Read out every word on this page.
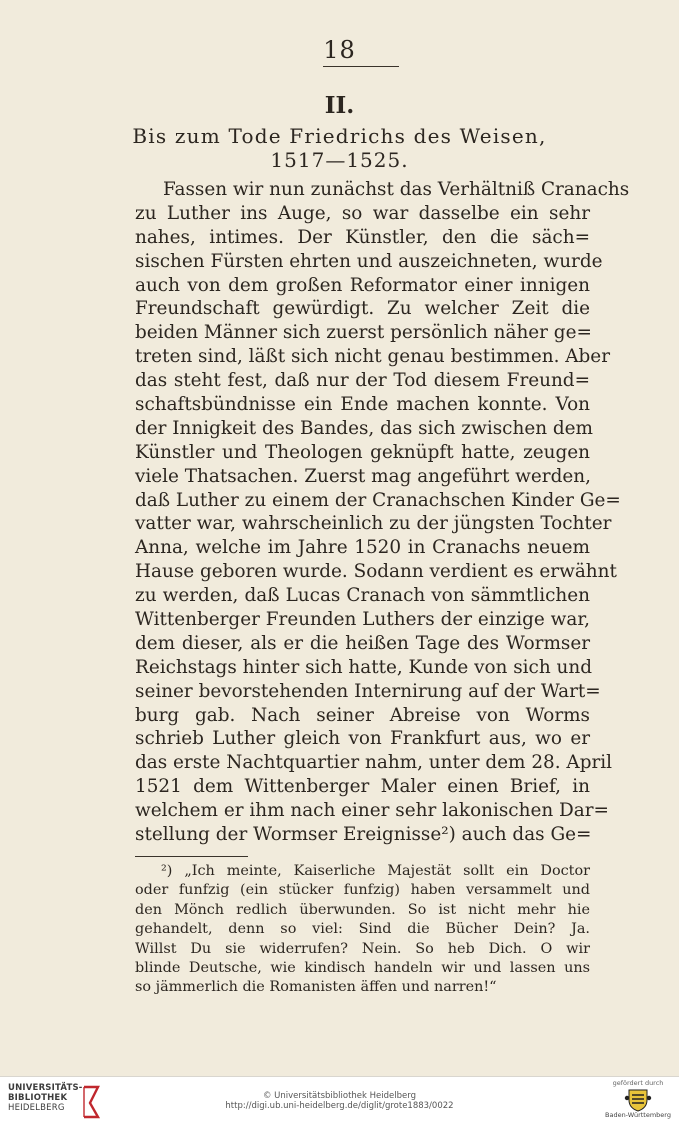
18
II.
Bis zum Tode Friedrichs des Weisen,
1517—1525.
Fassen wir nun zunächst das Verhältniß Cranachs
zu Luther ins Auge, so war dasselbe ein sehr
nahes, intimes. Der Künstler, den die säch=
sischen Fürsten ehrten und auszeichneten, wurde
auch von dem großen Reformator einer innigen
Freundschaft gewürdigt. Zu welcher Zeit die
beiden Männer sich zuerst persönlich näher ge=
treten sind, läßt sich nicht genau bestimmen. Aber
das steht fest, daß nur der Tod diesem Freund=
schaftsbündnisse ein Ende machen konnte. Von
der Innigkeit des Bandes, das sich zwischen dem
Künstler und Theologen geknüpft hatte, zeugen
viele Thatsachen. Zuerst mag angeführt werden,
daß Luther zu einem der Cranachschen Kinder Ge=
vatter war, wahrscheinlich zu der jüngsten Tochter
Anna, welche im Jahre 1520 in Cranachs neuem
Hause geboren wurde. Sodann verdient es erwähnt
zu werden, daß Lucas Cranach von sämmtlichen
Wittenberger Freunden Luthers der einzige war,
dem dieser, als er die heißen Tage des Wormser
Reichstags hinter sich hatte, Kunde von sich und
seiner bevorstehenden Internirung auf der Wart=
burg gab. Nach seiner Abreise von Worms
schrieb Luther gleich von Frankfurt aus, wo er
das erste Nachtquartier nahm, unter dem 28. April
1521 dem Wittenberger Maler einen Brief, in
welchem er ihm nach einer sehr lakonischen Dar=
stellung der Wormser Ereignisse²) auch das Ge=
²) „Ich meinte, Kaiserliche Majestät sollt ein Doctor
oder funfzig (ein stücker funfzig) haben versammelt und
den Mönch redlich überwunden. So ist nicht mehr hie
gehandelt, denn so viel: Sind die Bücher Dein? Ja.
Willst Du sie widerrufen? Nein. So heb Dich. O wir
blinde Deutsche, wie kindisch handeln wir und lassen uns
so jämmerlich die Romanisten äffen und narren!“
UNIVERSITÄTS-
BIBLIOTHEK
HEIDELBERG
© Universitätsbibliothek Heidelberg
http://digi.ub.uni-heidelberg.de/diglit/grote1883/0022
gefördert durch
Baden-Württemberg
